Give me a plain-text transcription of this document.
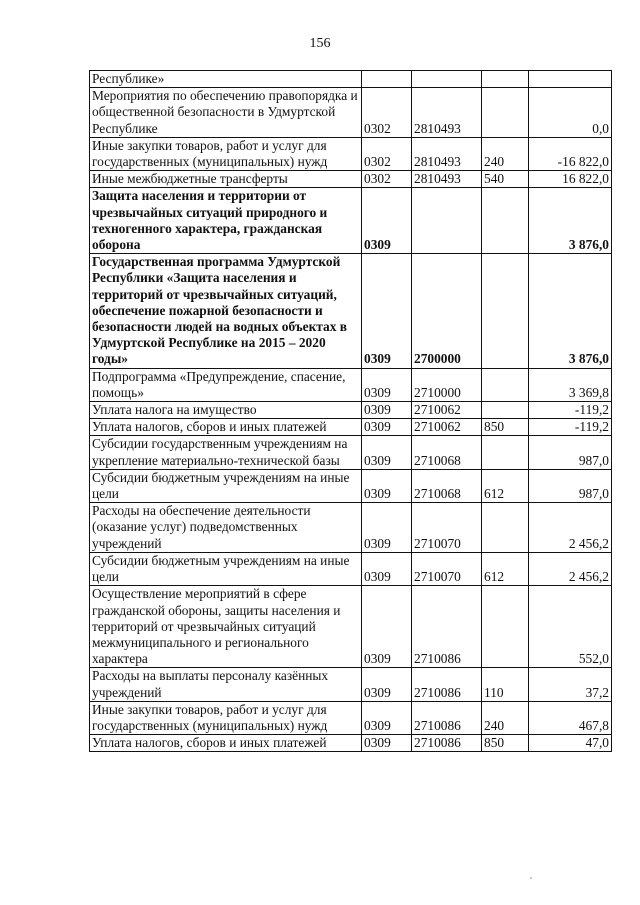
156
Республике»				
Мероприятия по обеспечению правопорядка и общественной безопасности в Удмуртской Республике	0302	2810493		0,0
Иные закупки товаров, работ и услуг для государственных (муниципальных) нужд	0302	2810493	240	-16 822,0
Иные межбюджетные трансферты	0302	2810493	540	16 822,0
Защита населения и территории от чрезвычайных ситуаций природного и техногенного характера, гражданская оборона	0309			3 876,0
Государственная программа Удмуртской Республики «Защита населения и территорий от чрезвычайных ситуаций, обеспечение пожарной безопасности и безопасности людей на водных объектах в Удмуртской Республике на 2015 – 2020 годы»	0309	2700000		3 876,0
Подпрограмма «Предупреждение, спасение, помощь»	0309	2710000		3 369,8
Уплата налога на имущество	0309	2710062		-119,2
Уплата налогов, сборов и иных платежей	0309	2710062	850	-119,2
Субсидии государственным учреждениям на укрепление материально-технической базы	0309	2710068		987,0
Субсидии бюджетным учреждениям на иные цели	0309	2710068	612	987,0
Расходы на обеспечение деятельности (оказание услуг) подведомственных учреждений	0309	2710070		2 456,2
Субсидии бюджетным учреждениям на иные цели	0309	2710070	612	2 456,2
Осуществление мероприятий в сфере гражданской обороны, защиты населения и территорий от чрезвычайных ситуаций межмуниципального и регионального характера	0309	2710086		552,0
Расходы на выплаты персоналу казённых учреждений	0309	2710086	110	37,2
Иные закупки товаров, работ и услуг для государственных (муниципальных) нужд	0309	2710086	240	467,8
Уплата налогов, сборов и иных платежей	0309	2710086	850	47,0
